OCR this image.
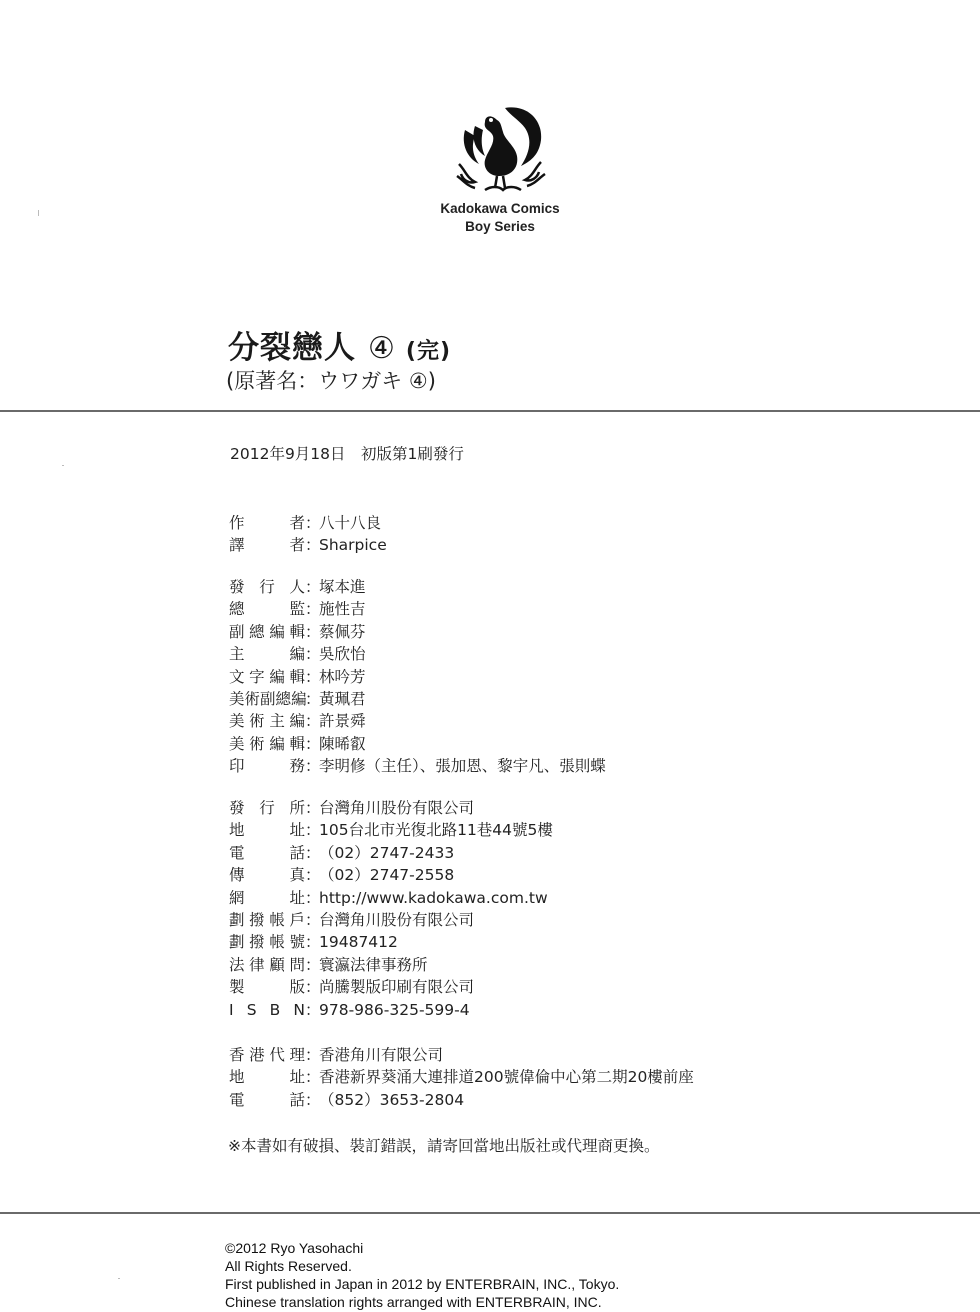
Kadokawa Comics
Boy Series
分裂戀人 ④ (完)
(原著名：ウワガキ ④)
2012年9月18日　初版第1刷發行
作	者 ：
八十八良
譯	者 ：
Sharpice
發 行 人 ：
塚本進
總	監 ：
施性吉
副 總 編 輯 ：
蔡佩芬
主	編 ：
吳欣怡
文 字 編 輯 ：
林吟芳
美 術 副 總 編
：
黃珮君
美 術 主 編 ：
許景舜
美 術 編 輯 ：
陳晞叡
印	務 ：
李明修（主任）、張加恩、黎宇凡、張則蝶
發 行 所 ：
台灣角川股份有限公司
地	址 ：
105台北市光復北路11巷44號5樓
電	話 ：
（02）2747-2433
傳	真 ：
（02）2747-2558
網	址 ：
http://www.kadokawa.com.tw
劃 撥 帳 戶 ：
台灣角川股份有限公司
劃 撥 帳 號 ：
19487412
法 律 顧 問 ：
寰瀛法律事務所
製	版 ：
尚騰製版印刷有限公司
I S B N ：
978-986-325-599-4
香 港 代 理 ：
香港角川有限公司
地	址 ：
香港新界葵涌大連排道200號偉倫中心第二期20樓前座
電	話 ：
（852）3653-2804
※本書如有破損、裝訂錯誤，請寄回當地出版社或代理商更換。
©2012 Ryo Yasohachi
All Rights Reserved.
First published in Japan in 2012 by ENTERBRAIN, INC., Tokyo.
Chinese translation rights arranged with ENTERBRAIN, INC.
